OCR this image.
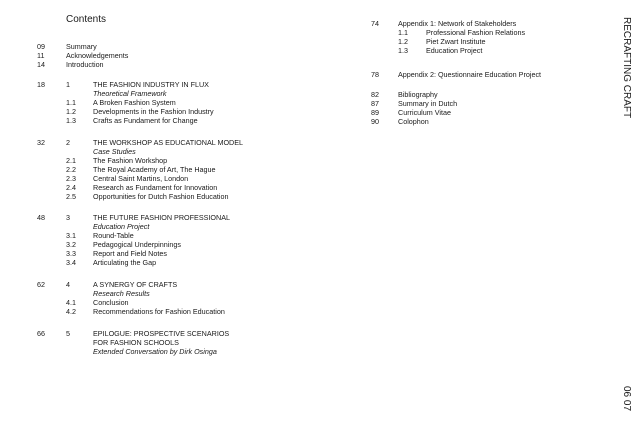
Contents
09	Summary
11	Acknowledgements
14	Introduction
18	1	THE FASHION INDUSTRY IN FLUX
Theoretical Framework
1.1 A Broken Fashion System
1.2 Developments in the Fashion Industry
1.3 Crafts as Fundament for Change
32	2	THE WORKSHOP AS EDUCATIONAL MODEL
Case Studies
2.1 The Fashion Workshop
2.2 The Royal Academy of Art, The Hague
2.3 Central Saint Martins, London
2.4 Research as Fundament for Innovation
2.5 Opportunities for Dutch Fashion Education
48	3	THE FUTURE FASHION PROFESSIONAL
Education Project
3.1 Round-Table
3.2 Pedagogical Underpinnings
3.3 Report and Field Notes
3.4 Articulating the Gap
62	4	A SYNERGY OF CRAFTS
Research Results
4.1 Conclusion
4.2 Recommendations for Fashion Education
66	5	EPILOGUE: PROSPECTIVE SCENARIOS
FOR FASHION SCHOOLS
Extended Conversation by Dirk Osinga
74	Appendix 1: Network of Stakeholders
1.1	Professional Fashion Relations
1.2	Piet Zwart Institute
1.3	Education Project
78	Appendix 2: Questionnaire Education Project
82	Bibliography
87	Summary in Dutch
89	Curriculum Vitae
90	Colophon
RECRAFTING CRAFT
06 07
